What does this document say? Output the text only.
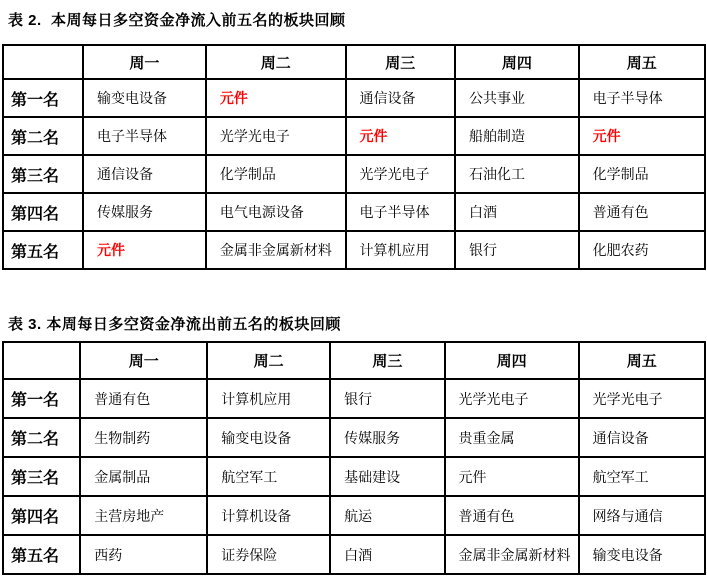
表 2.  本周每日多空资金净流入前五名的板块回顾
	周一	周二	周三	周四	周五
第一名	输变电设备	元件	通信设备	公共事业	电子半导体
第二名	电子半导体	光学光电子	元件	船舶制造	元件
第三名	通信设备	化学制品	光学光电子	石油化工	化学制品
第四名	传媒服务	电气电源设备	电子半导体	白酒	普通有色
第五名	元件	金属非金属新材料	计算机应用	银行	化肥农药
表 3. 本周每日多空资金净流出前五名的板块回顾
	周一	周二	周三	周四	周五
第一名	普通有色	计算机应用	银行	光学光电子	光学光电子
第二名	生物制药	输变电设备	传媒服务	贵重金属	通信设备
第三名	金属制品	航空军工	基础建设	元件	航空军工
第四名	主营房地产	计算机设备	航运	普通有色	网络与通信
第五名	西药	证券保险	白酒	金属非金属新材料	输变电设备
